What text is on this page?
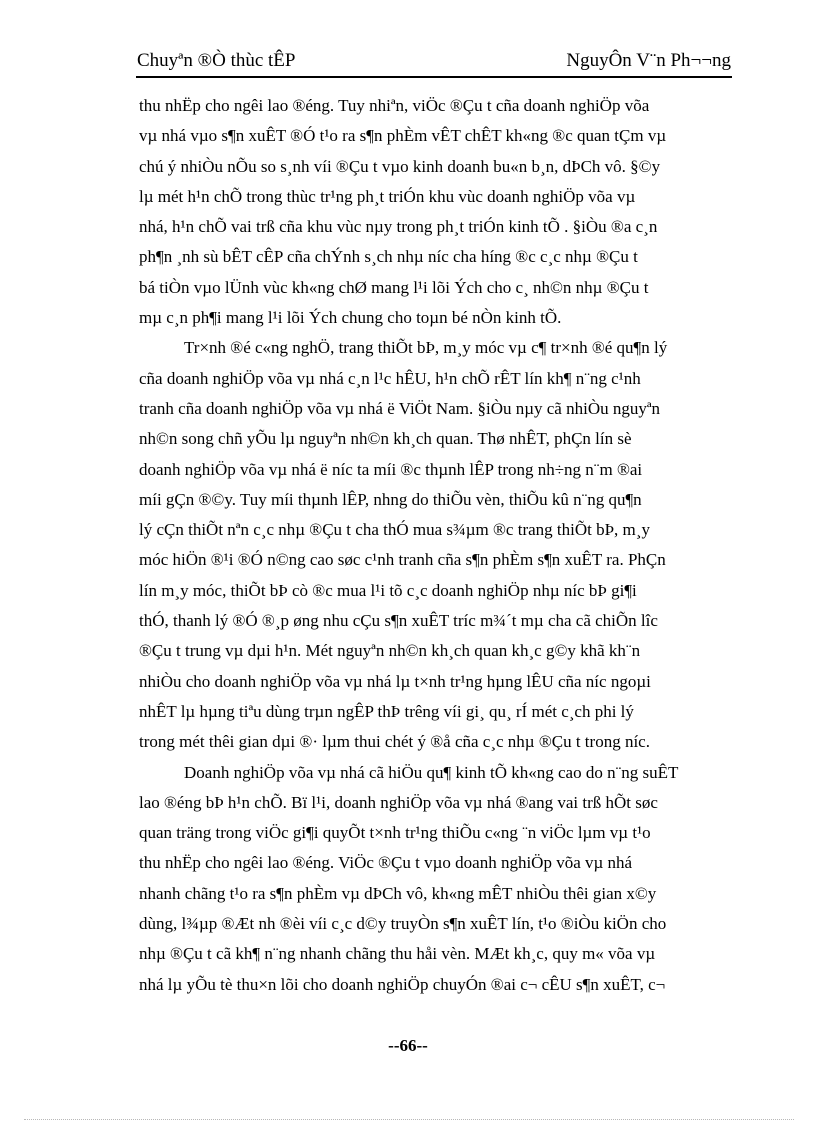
Chuyªn ®Ò thùc tÊP	NguyÔn V¨n Ph¬¬ng

thu nhËp cho ngêi lao ®éng. Tuy nhiªn, viÖc ®Çu t cña doanh nghiÖp võa
vµ nhá vµo s¶n xuÊT ®Ó t¹o ra s¶n phÈm vÊT chÊT kh«ng ®c quan tÇm vµ
chú ý nhiÒu nÕu so s¸nh víi ®Çu t vµo kinh doanh bu«n b¸n, dÞCh vô. §©y
lµ mét h¹n chÕ trong thùc tr¹ng ph¸t triÓn khu vùc doanh nghiÖp võa vµ
nhá, h¹n chÕ vai trß cña khu vùc nµy trong ph¸t triÓn kinh tÕ . §iÒu ®a c¸n
ph¶n ¸nh sù bÊT cÊP cña chÝnh s¸ch nhµ níc cha híng ®c c¸c nhµ ®Çu t
bá tiÒn vµo lÜnh vùc kh«ng chØ mang l¹i lõi Ých cho c¸ nh©n nhµ ®Çu t
mµ c¸n ph¶i mang l¹i lõi Ých chung cho toµn bé nÒn kinh tÕ.

Tr×nh ®é c«ng nghÖ, trang thiÕt bÞ, m¸y móc vµ c¶ tr×nh ®é qu¶n lý
cña doanh nghiÖp võa vµ nhá c¸n l¹c hÊU, h¹n chÕ rÊT lín kh¶ n¨ng c¹nh
tranh cña doanh nghiÖp võa vµ nhá ë ViÖt Nam. §iÒu nµy cã nhiÒu nguyªn
nh©n song chñ yÕu lµ nguyªn nh©n kh¸ch quan. Thø nhÊT, phÇn lín sè
doanh nghiÖp võa vµ nhá ë níc ta míi ®c thµnh lÊP trong nh÷ng n¨m ®ai
míi gÇn ®©y. Tuy míi thµnh lÊP, nhng do thiÕu vèn, thiÕu kû n¨ng qu¶n
lý cÇn thiÕt nªn c¸c nhµ ®Çu t cha thÓ mua s¾µm ®c trang thiÕt bÞ, m¸y
móc hiÖn ®¹i ®Ó n©ng cao søc c¹nh tranh cña s¶n phÈm s¶n xuÊT ra. PhÇn
lín m¸y móc, thiÕt bÞ cò ®c mua l¹i tõ c¸c doanh nghiÖp nhµ níc bÞ gi¶i
thÓ, thanh lý ®Ó ®¸p øng nhu cÇu s¶n xuÊT tríc m¾´t mµ cha cã chiÕn lîc
®Çu t trung vµ dµi h¹n. Mét nguyªn nh©n kh¸ch quan kh¸c g©y khã kh¨n
nhiÒu cho doanh nghiÖp võa vµ nhá lµ t×nh tr¹ng hµng lÊU cña níc ngoµi
nhÊT lµ hµng tiªu dùng trµn ngÊP thÞ trêng víi gi¸ qu¸ rÍ mét c¸ch phi lý
trong mét thêi gian dµi ®· lµm thui chét ý ®å cña c¸c nhµ ®Çu t trong níc.

Doanh nghiÖp võa vµ nhá cã hiÖu qu¶ kinh tÕ kh«ng cao do n¨ng suÊT
lao ®éng bÞ h¹n chÕ. Bï l¹i, doanh nghiÖp võa vµ nhá ®ang vai trß hÕt søc
quan träng trong viÖc gi¶i quyÕt t×nh tr¹ng thiÕu c«ng ¨n viÖc lµm vµ t¹o
thu nhËp cho ngêi lao ®éng. ViÖc ®Çu t vµo doanh nghiÖp võa vµ nhá
nhanh chãng t¹o ra s¶n phÈm vµ dÞCh vô, kh«ng mÊT nhiÒu thêi gian x©y
dùng, l¾µp ®Æt nh ®èi víi c¸c d©y truyÒn s¶n xuÊT lín, t¹o ®iÒu kiÖn cho
nhµ ®Çu t cã kh¶ n¨ng nhanh chãng thu håi vèn. MÆt kh¸c, quy m« võa vµ
nhá lµ yÕu tè thu×n lõi cho doanh nghiÖp chuyÓn ®ai c¬ cÊU s¶n xuÊT, c¬

--66--
